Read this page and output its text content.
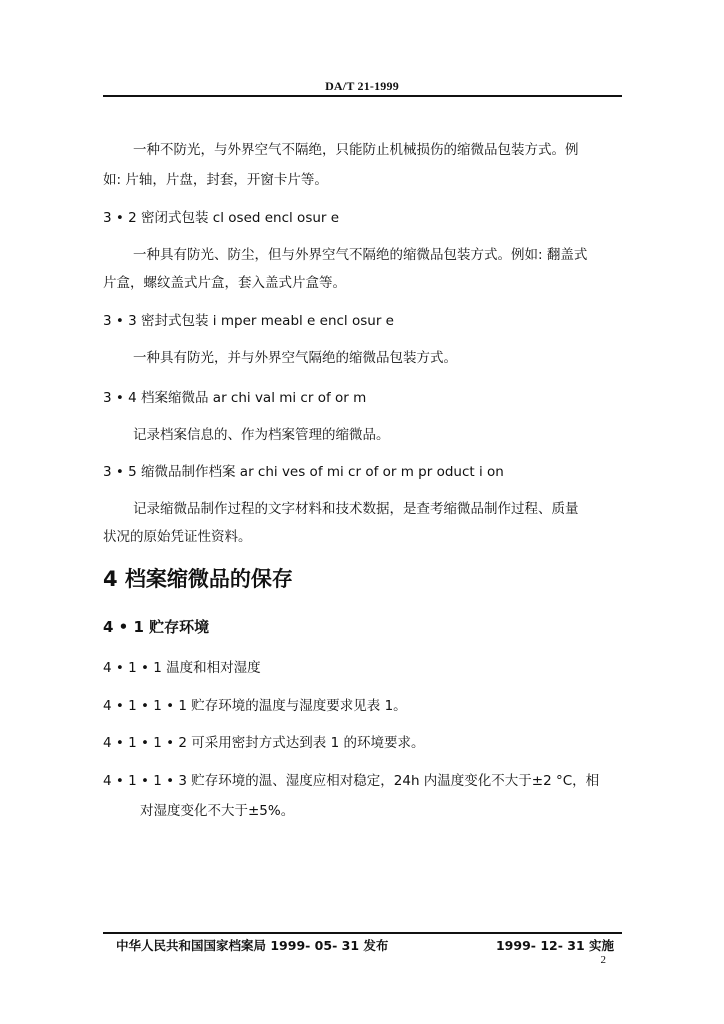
DA/T 21-1999
一种不防光，与外界空气不隔绝，只能防止机械损伤的缩微品包装方式。例
如: 片轴，片盘，封套，开窗卡片等。
3 • 2 密闭式包装 cl osed encl osur e
一种具有防光、防尘，但与外界空气不隔绝的缩微品包装方式。例如: 翻盖式
片盒，螺纹盖式片盒，套入盖式片盒等。
3 • 3 密封式包装 i mper meabl e encl osur e
一种具有防光，并与外界空气隔绝的缩微品包装方式。
3 • 4 档案缩微品 ar chi val mi cr of or m
记录档案信息的、作为档案管理的缩微品。
3 • 5 缩微品制作档案 ar chi ves of mi cr of or m pr oduct i on
记录缩微品制作过程的文字材料和技术数据，是查考缩微品制作过程、质量
状况的原始凭证性资料。
4 档案缩微品的保存
4 • 1 贮存环境
4 • 1 • 1 温度和相对湿度
4 • 1 • 1 • 1 贮存环境的温度与湿度要求见表 1。
4 • 1 • 1 • 2 可采用密封方式达到表 1 的环境要求。
4 • 1 • 1 • 3 贮存环境的温、湿度应相对稳定，24h 内温度变化不大于±2 °C，相
对湿度变化不大于±5%。
中华人民共和国国家档案局 1999- 05- 31 发布	1999- 12- 31 实施
2
